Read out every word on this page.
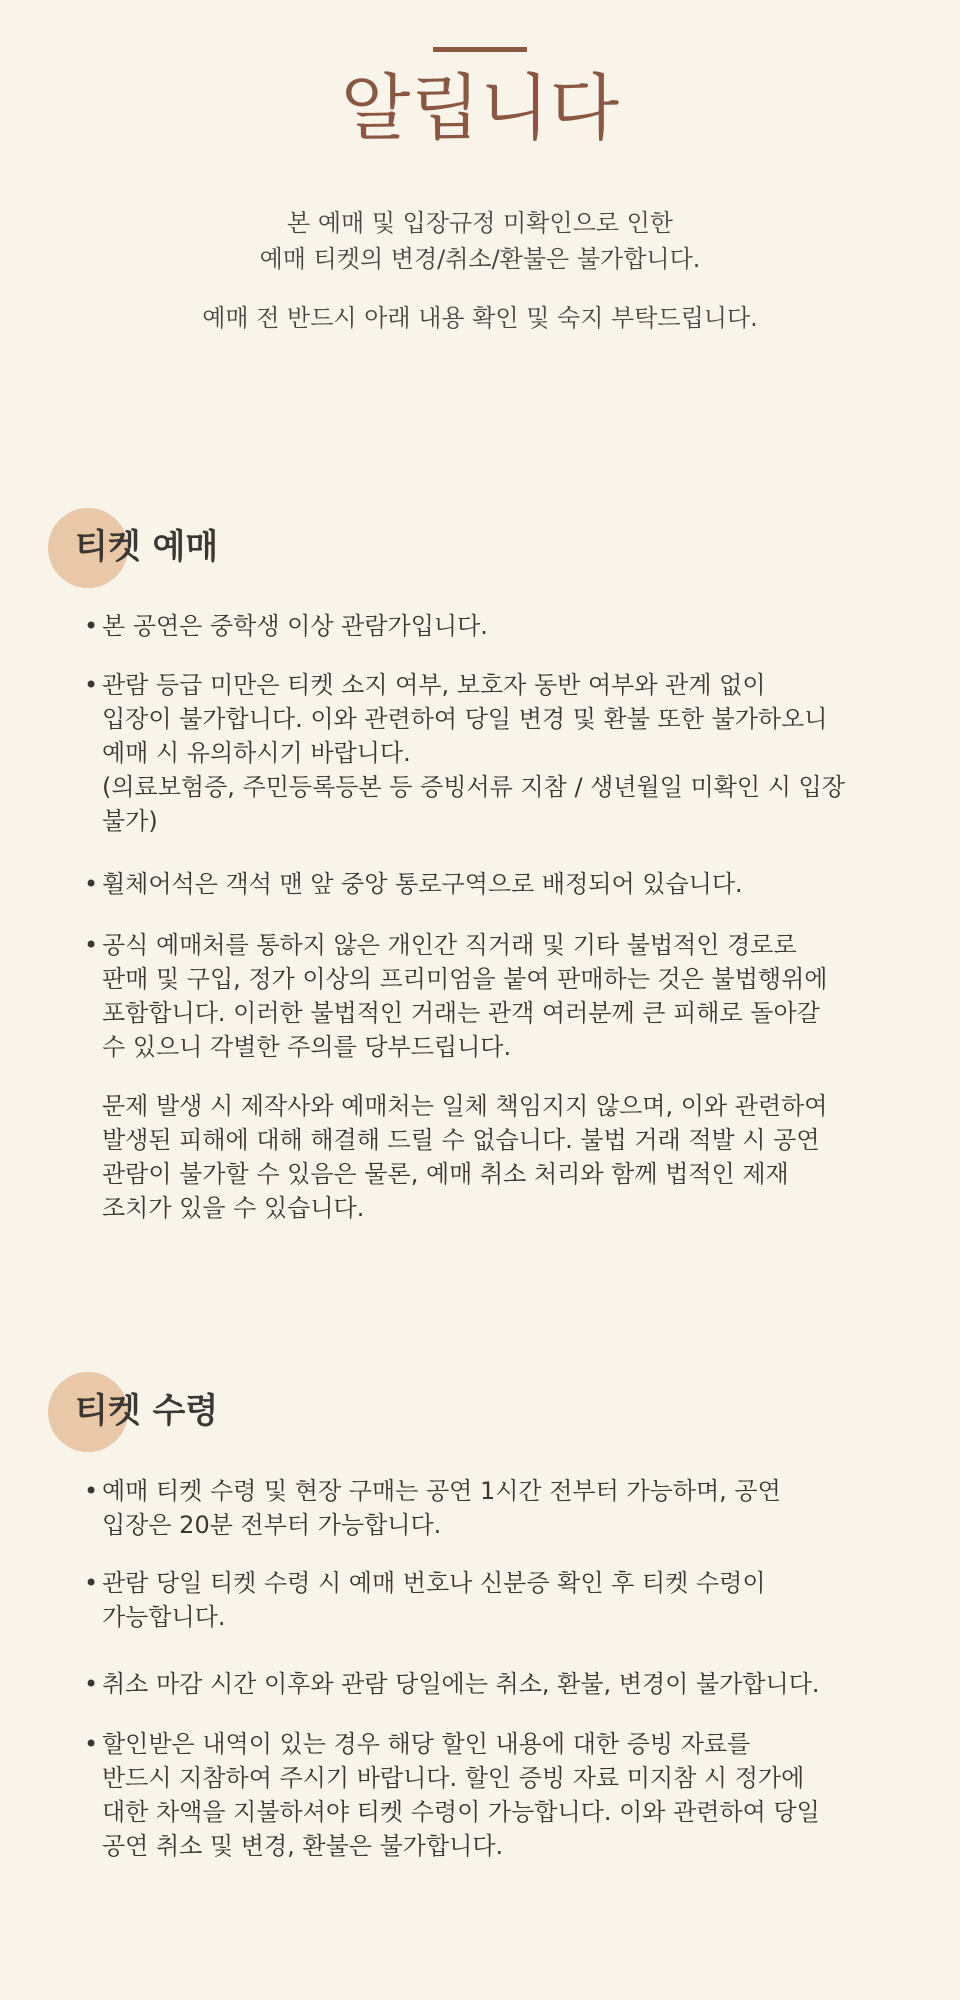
알립니다

본 예매 및 입장규정 미확인으로 인한
예매 티켓의 변경/취소/환불은 불가합니다.

예매 전 반드시 아래 내용 확인 및 숙지 부탁드립니다.

티켓 예매
• 본 공연은 중학생 이상 관람가입니다.

• 관람 등급 미만은 티켓 소지 여부, 보호자 동반 여부와 관계 없이
입장이 불가합니다. 이와 관련하여 당일 변경 및 환불 또한 불가하오니
예매 시 유의하시기 바랍니다.
(의료보험증, 주민등록등본 등 증빙서류 지참 / 생년월일 미확인 시 입장
불가)

• 휠체어석은 객석 맨 앞 중앙 통로구역으로 배정되어 있습니다.

• 공식 예매처를 통하지 않은 개인간 직거래 및 기타 불법적인 경로로
판매 및 구입, 정가 이상의 프리미엄을 붙여 판매하는 것은 불법행위에
포함합니다. 이러한 불법적인 거래는 관객 여러분께 큰 피해로 돌아갈
수 있으니 각별한 주의를 당부드립니다.

문제 발생 시 제작사와 예매처는 일체 책임지지 않으며, 이와 관련하여
발생된 피해에 대해 해결해 드릴 수 없습니다. 불법 거래 적발 시 공연
관람이 불가할 수 있음은 물론, 예매 취소 처리와 함께 법적인 제재
조치가 있을 수 있습니다.

티켓 수령
• 예매 티켓 수령 및 현장 구매는 공연 1시간 전부터 가능하며, 공연
입장은 20분 전부터 가능합니다.

• 관람 당일 티켓 수령 시 예매 번호나 신분증 확인 후 티켓 수령이
가능합니다.

• 취소 마감 시간 이후와 관람 당일에는 취소, 환불, 변경이 불가합니다.

• 할인받은 내역이 있는 경우 해당 할인 내용에 대한 증빙 자료를
반드시 지참하여 주시기 바랍니다. 할인 증빙 자료 미지참 시 정가에
대한 차액을 지불하셔야 티켓 수령이 가능합니다. 이와 관련하여 당일
공연 취소 및 변경, 환불은 불가합니다.
